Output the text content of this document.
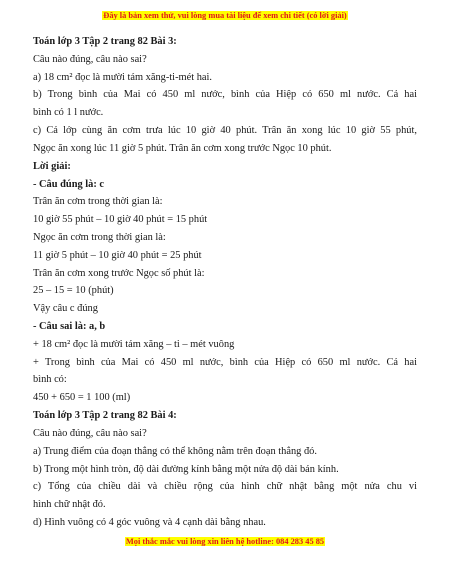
Đây là bản xem thử, vui lòng mua tài liệu để xem chi tiết (có lời giải)
Toán lớp 3 Tập 2 trang 82 Bài 3:
Câu nào đúng, câu nào sai?
a) 18 cm² đọc là mười tám xăng-ti-mét hai.
b) Trong bình của Mai có 450 ml nước, bình của Hiệp có 650 ml nước. Cả hai
bình có 1 l nước.
c) Cả lớp cùng ăn cơm trưa lúc 10 giờ 40 phút. Trân ăn xong lúc 10 giờ 55 phút,
Ngọc ăn xong lúc 11 giờ 5 phút. Trân ăn cơm xong trước Ngọc 10 phút.
Lời giải:
- Câu đúng là: c
Trân ăn cơm trong thời gian là:
10 giờ 55 phút – 10 giờ 40 phút = 15 phút
Ngọc ăn cơm trong thời gian là:
11 giờ 5 phút – 10 giờ 40 phút = 25 phút
Trân ăn cơm xong trước Ngọc số phút là:
25 – 15 = 10 (phút)
Vậy câu c đúng
- Câu sai là: a, b
+ 18 cm² đọc là mười tám xăng – ti – mét vuông
+ Trong bình của Mai có 450 ml nước, bình của Hiệp có 650 ml nước. Cả hai
bình có:
450 + 650 = 1 100 (ml)
Toán lớp 3 Tập 2 trang 82 Bài 4:
Câu nào đúng, câu nào sai?
a) Trung điểm của đoạn thẳng có thể không nằm trên đoạn thẳng đó.
b) Trong một hình tròn, độ dài đường kính bằng một nửa độ dài bán kính.
c) Tổng của chiều dài và chiều rộng của hình chữ nhật bằng một nửa chu vi
hình chữ nhật đó.
d) Hình vuông có 4 góc vuông và 4 cạnh dài bằng nhau.
Mọi thắc mắc vui lòng xin liên hệ hotline: 084 283 45 85
